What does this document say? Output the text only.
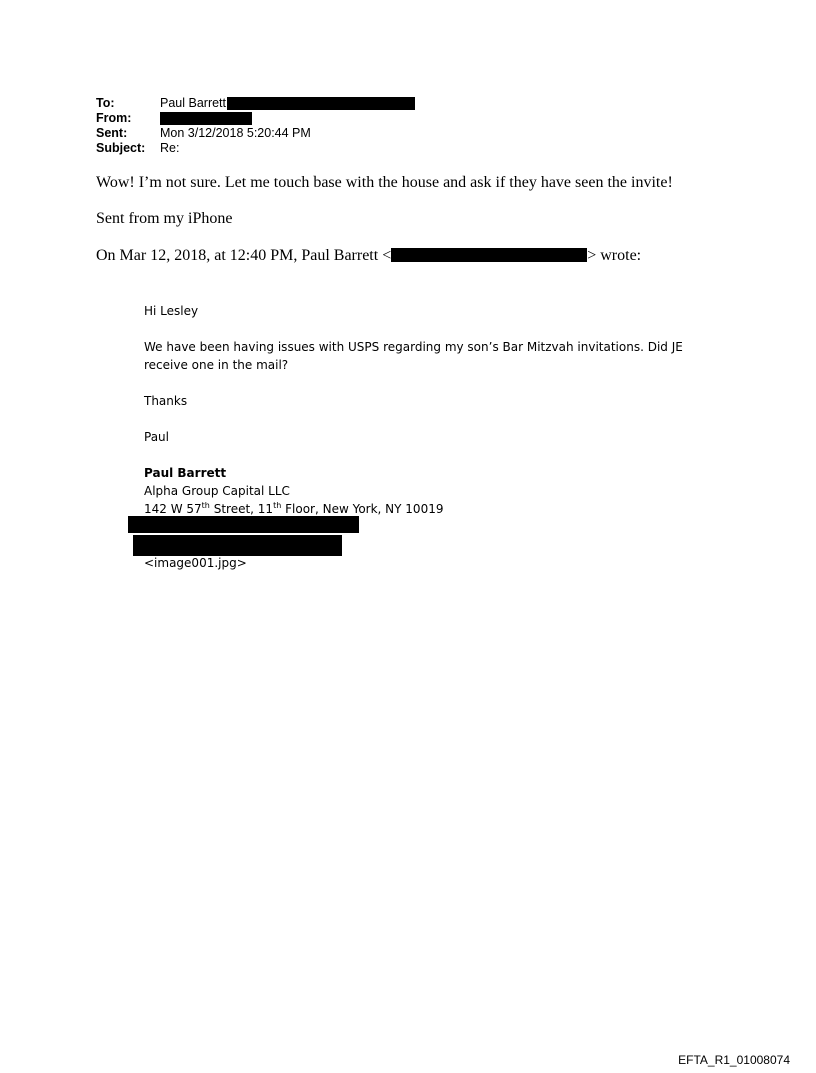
To:	Paul Barrett
From:
Sent:	Mon 3/12/2018 5:20:44 PM
Subject:	Re:
Wow! I’m not sure. Let me touch base with the house and ask if they have seen the invite!
Sent from my iPhone
On Mar 12, 2018, at 12:40 PM, Paul Barrett <	> wrote:

Hi Lesley

We have been having issues with USPS regarding my son’s Bar Mitzvah invitations. Did JE receive one in the mail?

Thanks

Paul

Paul Barrett

Alpha Group Capital LLC

142 W 57th Street, 11th Floor, New York, NY 10019

<image001.jpg>

EFTA_R1_01008074
